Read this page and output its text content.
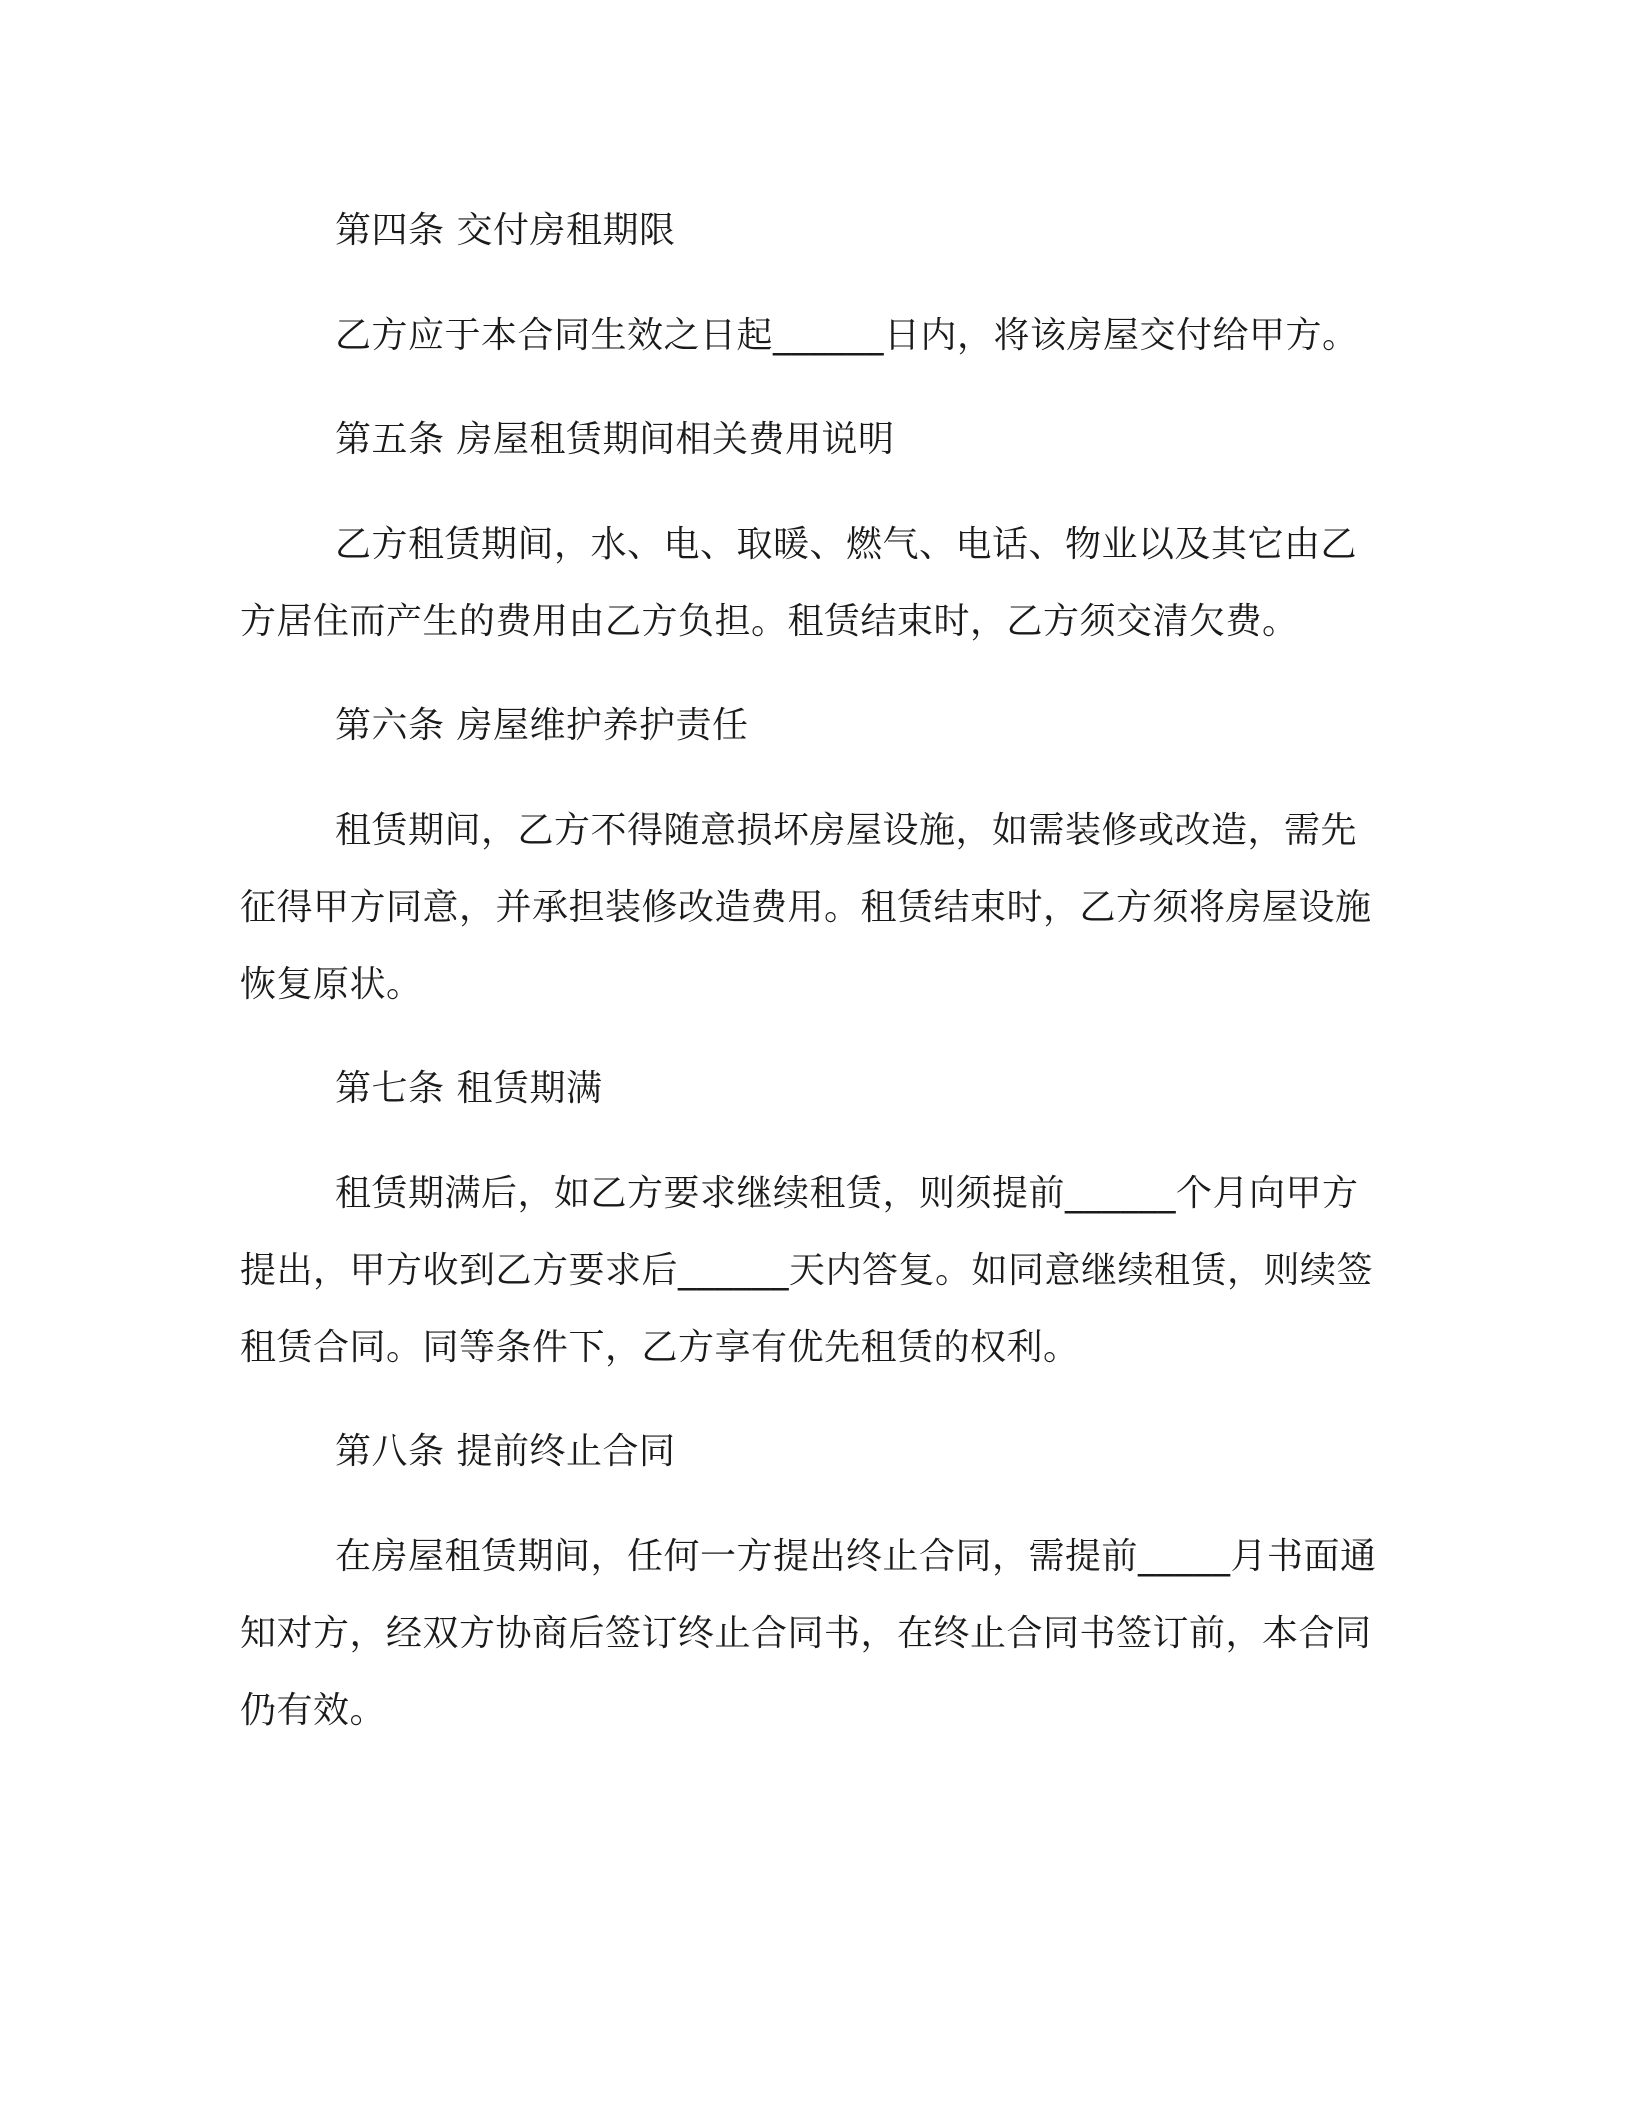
第四条 交付房租期限

乙方应于本合同生效之日起______日内，将该房屋交付给甲方。

第五条 房屋租赁期间相关费用说明

乙方租赁期间，水、电、取暖、燃气、电话、物业以及其它由乙方居住而产生的费用由乙方负担。租赁结束时，乙方须交清欠费。

第六条 房屋维护养护责任

租赁期间，乙方不得随意损坏房屋设施，如需装修或改造，需先征得甲方同意，并承担装修改造费用。租赁结束时，乙方须将房屋设施恢复原状。

第七条 租赁期满

租赁期满后，如乙方要求继续租赁，则须提前______个月向甲方提出，甲方收到乙方要求后______天内答复。如同意继续租赁，则续签租赁合同。同等条件下，乙方享有优先租赁的权利。

第八条 提前终止合同

在房屋租赁期间，任何一方提出终止合同，需提前_____月书面通知对方，经双方协商后签订终止合同书，在终止合同书签订前，本合同仍有效。
